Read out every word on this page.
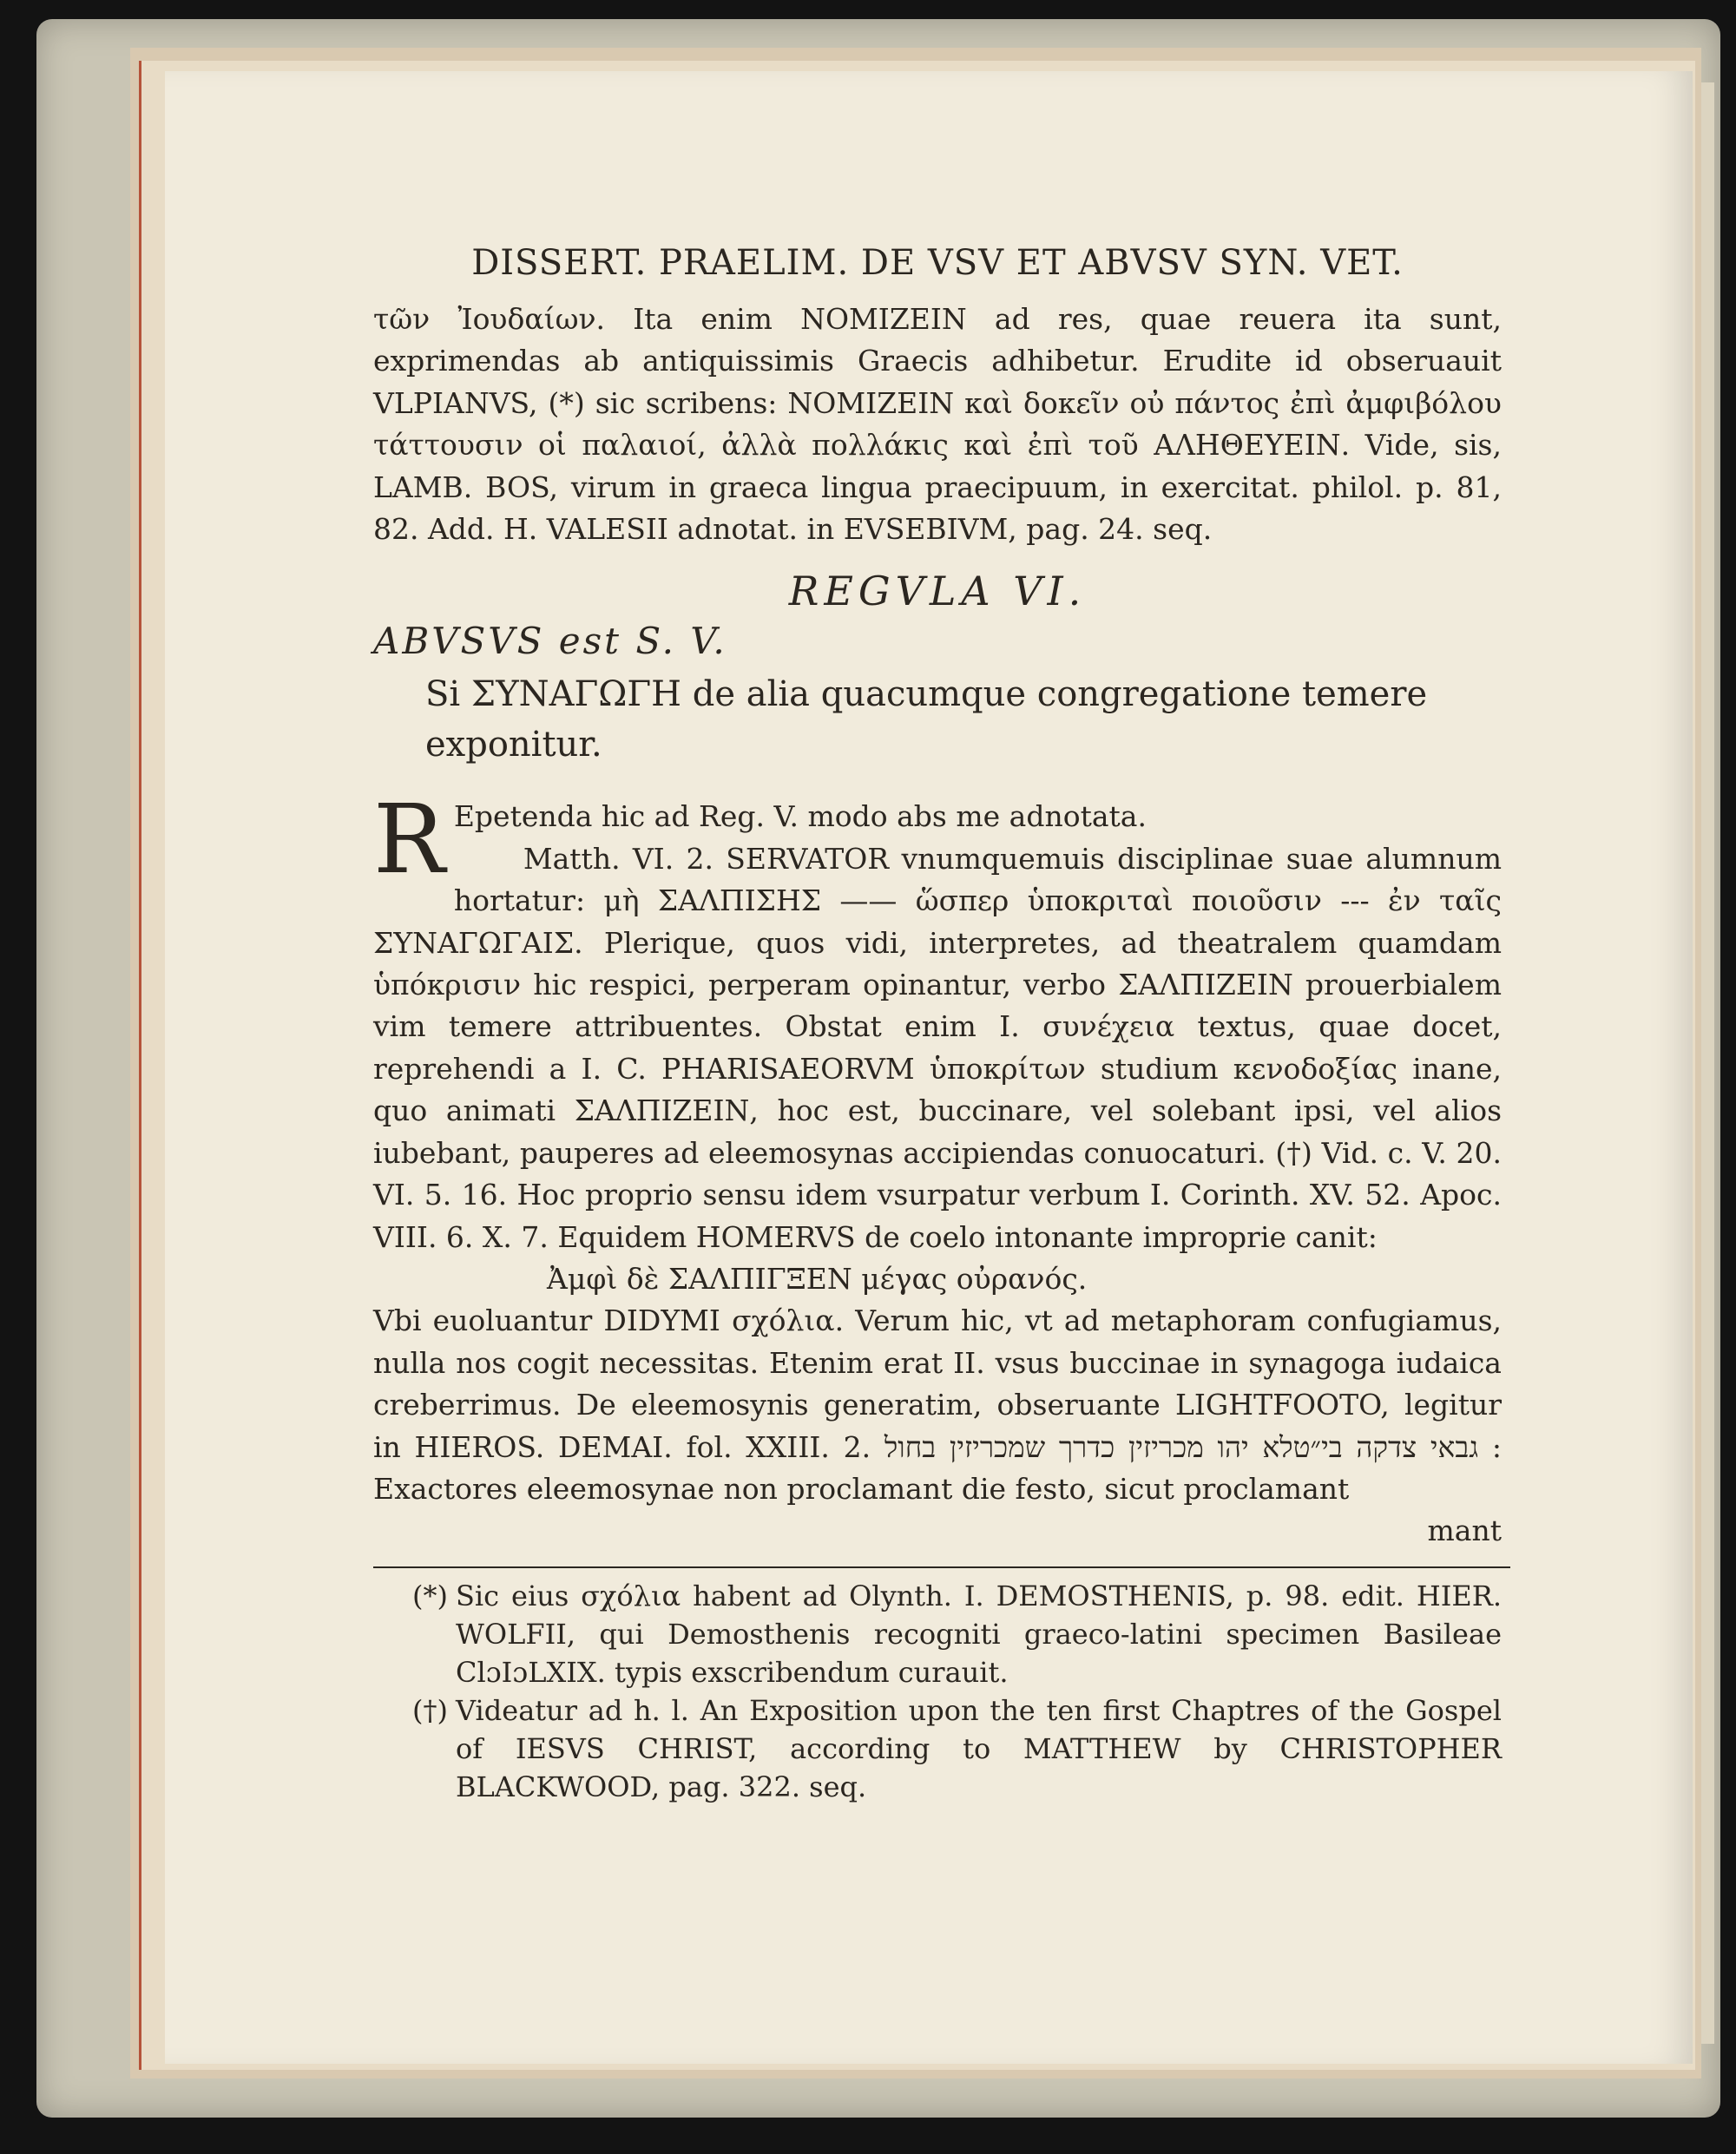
DISSERT. PRAELIM. DE VSV ET ABVSV SYN. VET.

τῶν Ἰουδαίων. Ita enim NOMIZEIN ad res, quae reuera ita sunt, exprimendas ab antiquissimis Graecis adhibetur. Erudite id obseruauit VLPIANVS, (*) sic scribens: NOMIZEIN καὶ δοκεῖν οὐ πάντος ἐπὶ ἀμφιβόλου τάττουσιν οἱ παλαιοί, ἀλλὰ πολλάκις καὶ ἐπὶ τοῦ ΑΛΗΘΕΥΕΙΝ. Vide, sis, LAMB. BOS, virum in graeca lingua praecipuum, in exercitat. philol. p. 81, 82. Add. H. VALESII adnotat. in EVSEBIVM, pag. 24. seq.

REGVLA VI.
ABVSVS est S. V.
Si ΣΥΝΑΓΩΓΗ de alia quacumque congregatione temere exponitur.

R Epetenda hic ad Reg. V. modo abs me adnotata.

Matth. VI. 2. SERVATOR vnumquemuis disciplinae suae alumnum hortatur: μὴ ΣΑΛΠΙΣΗΣ —— ὥσπερ ὑποκριταὶ ποιοῦσιν --- ἐν ταῖς ΣΥΝΑΓΩΓΑΙΣ. Plerique, quos vidi, interpretes, ad theatralem quamdam ὑπόκρισιν hic respici, perperam opinantur, verbo ΣΑΛΠΙΖΕΙΝ prouerbialem vim temere attribuentes. Obstat enim I. συνέχεια textus, quae docet, reprehendi a I. C. PHARISAEORVM ὑποκρίτων studium κενοδοξίας inane, quo animati ΣΑΛΠΙΖΕΙΝ, hoc est, buccinare, vel solebant ipsi, vel alios iubebant, pauperes ad eleemosynas accipiendas conuocaturi. (†) Vid. c. V. 20. VI. 5. 16. Hoc proprio sensu idem vsurpatur verbum I. Corinth. XV. 52. Apoc. VIII. 6. X. 7. Equidem HOMERVS de coelo intonante improprie canit:

Ἀμφὶ δὲ ΣΑΛΠΙΓΞΕΝ μέγας οὐρανός.

Vbi euoluantur DIDYMI σχόλια. Verum hic, vt ad metaphoram confugiamus, nulla nos cogit necessitas. Etenim erat II. vsus buccinae in synagoga iudaica creberrimus. De eleemosynis generatim, obseruante LIGHTFOOTO, legitur in HIEROS. DEMAI. fol. XXIII. 2. גבאי צדקה בי״טלא יהו מכריזין כדרך שמכריזין בחול : Exactores eleemosynae non proclamant die festo, sicut proclamant

mant

(*) Sic eius σχόλια habent ad Olynth. I. DEMOSTHENIS, p. 98. edit. HIER. WOLFII, qui Demosthenis recogniti graeco-latini specimen Basileae ClɔIɔLXIX. typis exscribendum curauit.
(†) Videatur ad h. l. An Exposition upon the ten first Chaptres of the Gospel of IESVS CHRIST, according to MATTHEW by CHRISTOPHER BLACKWOOD, pag. 322. seq.
